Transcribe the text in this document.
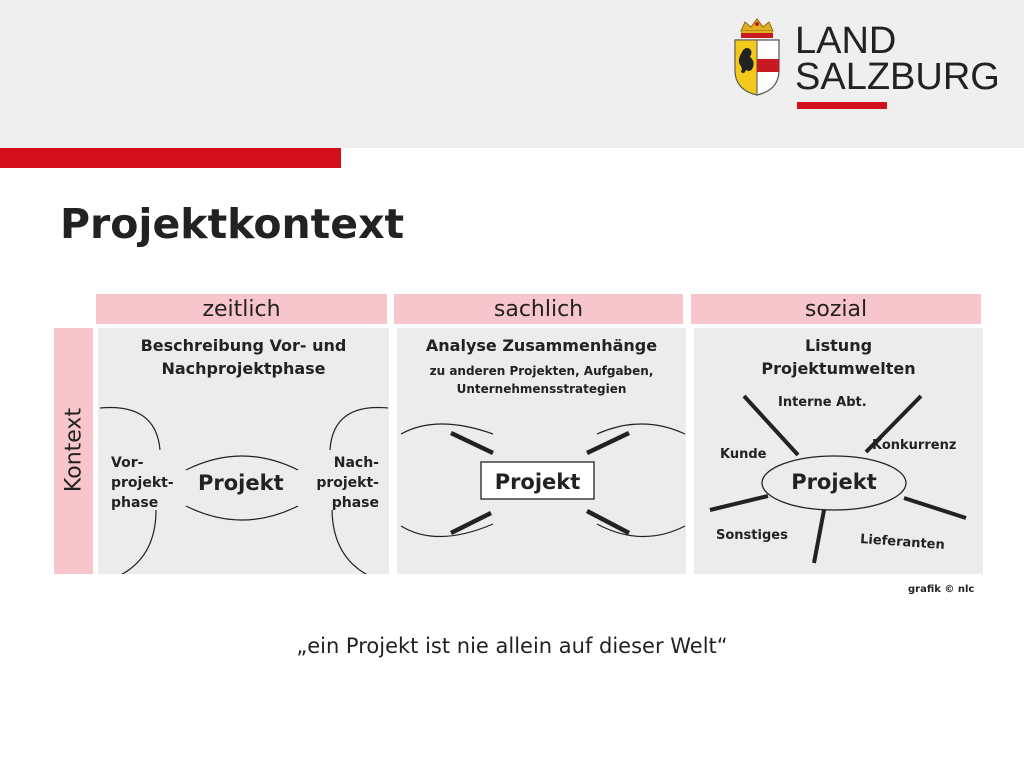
LAND
SALZBURG
Projektkontext
Kontext
zeitlich	sachlich	sozial
Beschreibung Vor- und
Nachprojektphase
Vor-
projekt-
phase
Nach-
projekt-
phase
Projekt
Analyse Zusammenhänge
zu anderen Projekten, Aufgaben,
Unternehmensstrategien
Projekt
Listung
Projektumwelten
Interne Abt.
Konkurrenz
Kunde
Sonstiges	Lieferanten
Projekt
grafik © nlc

„ein Projekt ist nie allein auf dieser Welt“
